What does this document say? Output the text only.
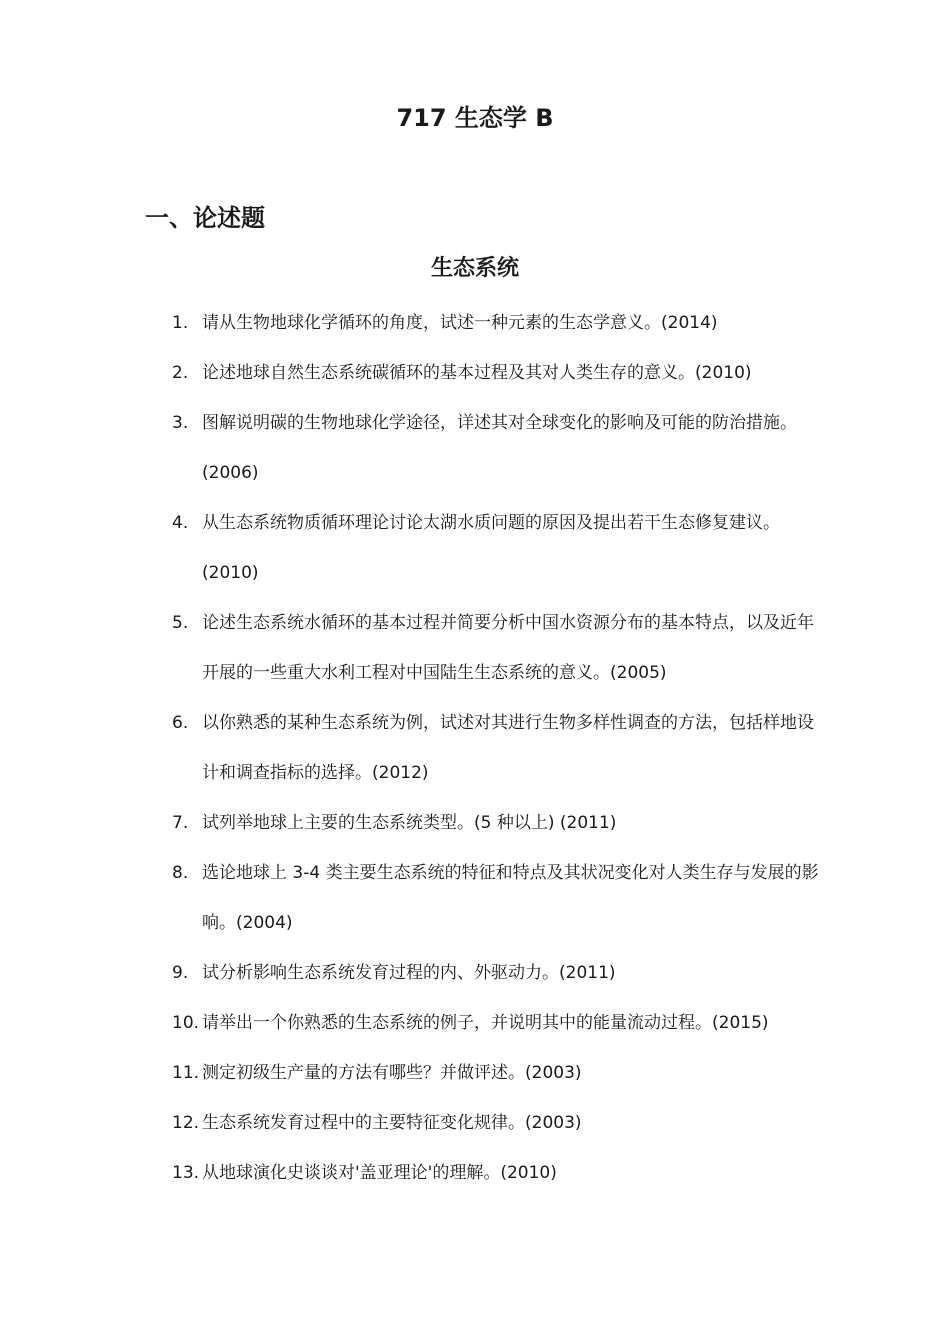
717 生态学 B
一、论述题
生态系统
1. 请从生物地球化学循环的角度，试述一种元素的生态学意义。(2014)
2. 论述地球自然生态系统碳循环的基本过程及其对人类生存的意义。(2010)
3. 图解说明碳的生物地球化学途径，详述其对全球变化的影响及可能的防治措施。(2006)
4. 从生态系统物质循环理论讨论太湖水质问题的原因及提出若干生态修复建议。(2010)
5. 论述生态系统水循环的基本过程并简要分析中国水资源分布的基本特点，以及近年开展的一些重大水利工程对中国陆生生态系统的意义。(2005)
6. 以你熟悉的某种生态系统为例，试述对其进行生物多样性调查的方法，包括样地设计和调查指标的选择。(2012)
7. 试列举地球上主要的生态系统类型。(5 种以上) (2011)
8. 选论地球上 3-4 类主要生态系统的特征和特点及其状况变化对人类生存与发展的影响。(2004)
9. 试分析影响生态系统发育过程的内、外驱动力。(2011)
10. 请举出一个你熟悉的生态系统的例子，并说明其中的能量流动过程。(2015)
11. 测定初级生产量的方法有哪些？并做评述。(2003)
12. 生态系统发育过程中的主要特征变化规律。(2003)
13. 从地球演化史谈谈对'盖亚理论'的理解。(2010)
